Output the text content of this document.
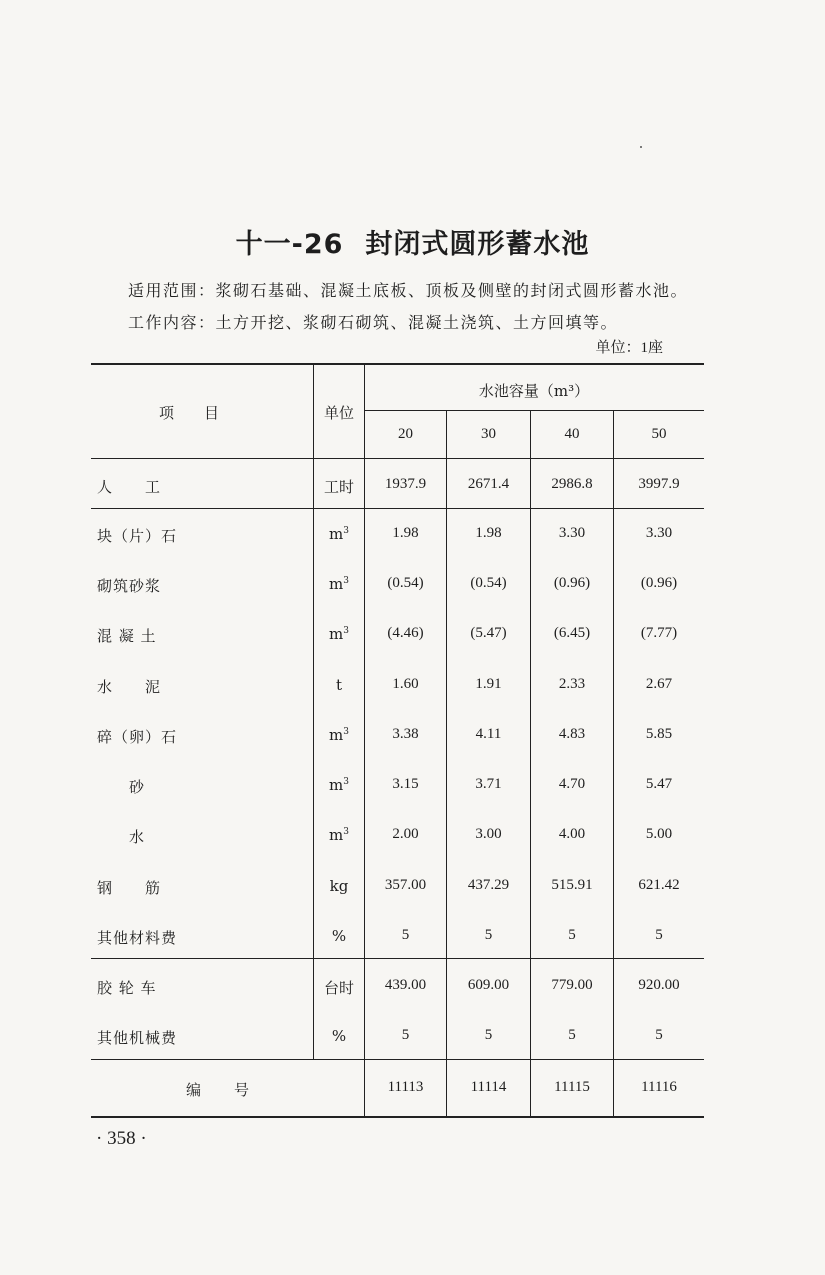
十一-26 封闭式圆形蓄水池
适用范围：浆砌石基础、混凝土底板、顶板及侧壁的封闭式圆形蓄水池。
工作内容：土方开挖、浆砌石砌筑、混凝土浇筑、土方回填等。
单位：1座
项　　目	单位
水池容量（m³）
20	30	40	50
人　　工	工时	1937.9	2671.4	2986.8	3997.9
块（片）石	$m^3$	1.98	1.98	3.30	3.30
砌筑砂浆	$m^3$	(0.54)	(0.54)	(0.96)	(0.96)
混 凝 土	$m^3$	(4.46)	(5.47)	(6.45)	(7.77)
水　　泥	t	1.60	1.91	2.33	2.67
碎（卵）石	$m^3$	3.38	4.11	4.83	5.85
　　砂	$m^3$	3.15	3.71	4.70	5.47
　　水	$m^3$	2.00	3.00	4.00	5.00
钢　　筋	kg	357.00	437.29	515.91	621.42
其他材料费	%	5	5	5	5
胶 轮 车	台时	439.00	609.00	779.00	920.00
其他机械费	%	5	5	5	5
编　　号	11113	11114	11115	11116
· 358 ·
